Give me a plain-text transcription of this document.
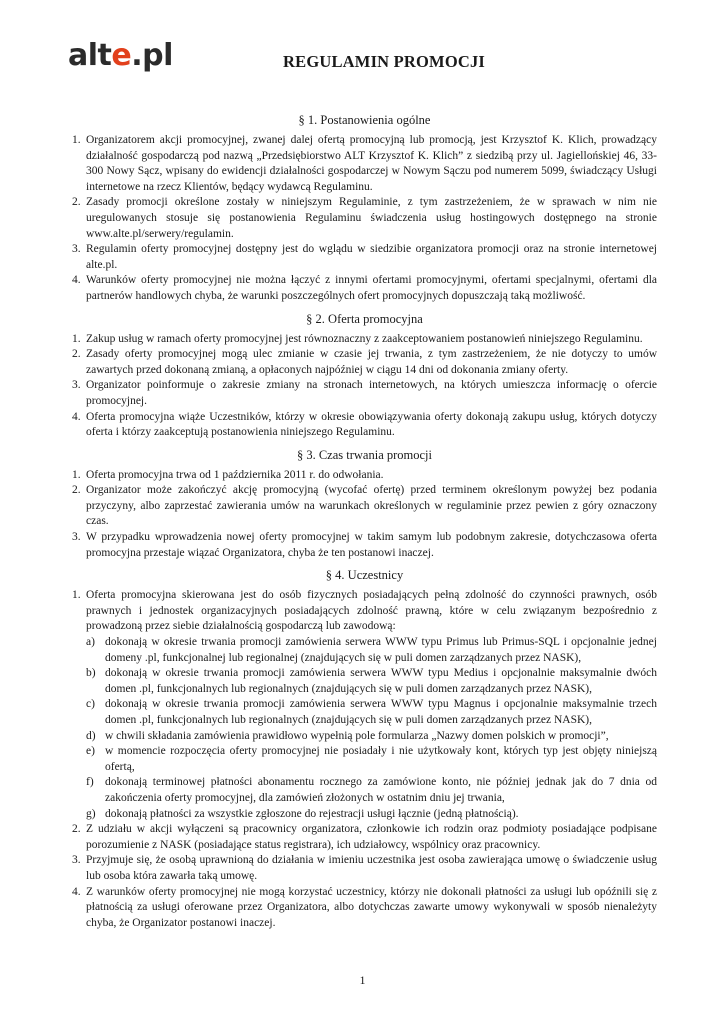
alte.pl	REGULAMIN PROMOCJI
§ 1. Postanowienia ogólne
1. Organizatorem akcji promocyjnej, zwanej dalej ofertą promocyjną lub promocją, jest Krzysztof K. Klich, prowadzący działalność gospodarczą pod nazwą „Przedsiębiorstwo ALT Krzysztof K. Klich” z siedzibą przy ul. Jagiellońskiej 46, 33-300 Nowy Sącz, wpisany do ewidencji działalności gospodarczej w Nowym Sączu pod numerem 5099, świadczący Usługi internetowe na rzecz Klientów, będący wydawcą Regulaminu.
2. Zasady promocji określone zostały w niniejszym Regulaminie, z tym zastrzeżeniem, że w sprawach w nim nie uregulowanych stosuje się postanowienia Regulaminu świadczenia usług hostingowych dostępnego na stronie www.alte.pl/serwery/regulamin.
3. Regulamin oferty promocyjnej dostępny jest do wglądu w siedzibie organizatora promocji oraz na stronie internetowej alte.pl.
4. Warunków oferty promocyjnej nie można łączyć z innymi ofertami promocyjnymi, ofertami specjalnymi, ofertami dla partnerów handlowych chyba, że warunki poszczególnych ofert promocyjnych dopuszczają taką możliwość.
§ 2. Oferta promocyjna
1. Zakup usług w ramach oferty promocyjnej jest równoznaczny z zaakceptowaniem postanowień niniejszego Regulaminu.
2. Zasady oferty promocyjnej mogą ulec zmianie w czasie jej trwania, z tym zastrzeżeniem, że nie dotyczy to umów zawartych przed dokonaną zmianą, a opłaconych najpóźniej w ciągu 14 dni od dokonania zmiany oferty.
3. Organizator poinformuje o zakresie zmiany na stronach internetowych, na których umieszcza informację o ofercie promocyjnej.
4. Oferta promocyjna wiąże Uczestników, którzy w okresie obowiązywania oferty dokonają zakupu usług, których dotyczy oferta i którzy zaakceptują postanowienia niniejszego Regulaminu.
§ 3. Czas trwania promocji
1. Oferta promocyjna trwa od 1 października 2011 r. do odwołania.
2. Organizator może zakończyć akcję promocyjną (wycofać ofertę) przed terminem określonym powyżej bez podania przyczyny, albo zaprzestać zawierania umów na warunkach określonych w regulaminie przez pewien z góry oznaczony czas.
3. W przypadku wprowadzenia nowej oferty promocyjnej w takim samym lub podobnym zakresie, dotychczasowa oferta promocyjna przestaje wiązać Organizatora, chyba że ten postanowi inaczej.
§ 4. Uczestnicy
1. Oferta promocyjna skierowana jest do osób fizycznych posiadających pełną zdolność do czynności prawnych, osób prawnych i jednostek organizacyjnych posiadających zdolność prawną, które w celu związanym bezpośrednio z prowadzoną przez siebie działalnością gospodarczą lub zawodową:
a) dokonają w okresie trwania promocji zamówienia serwera WWW typu Primus lub Primus-SQL i opcjonalnie jednej domeny .pl, funkcjonalnej lub regionalnej (znajdujących się w puli domen zarządzanych przez NASK),
b) dokonają w okresie trwania promocji zamówienia serwera WWW typu Medius i opcjonalnie maksymalnie dwóch domen .pl, funkcjonalnych lub regionalnych (znajdujących się w puli domen zarządzanych przez NASK),
c) dokonają w okresie trwania promocji zamówienia serwera WWW typu Magnus i opcjonalnie maksymalnie trzech domen .pl, funkcjonalnych lub regionalnych (znajdujących się w puli domen zarządzanych przez NASK),
d) w chwili składania zamówienia prawidłowo wypełnią pole formularza „Nazwy domen polskich w promocji”,
e) w momencie rozpoczęcia oferty promocyjnej nie posiadały i nie użytkowały kont, których typ jest objęty niniejszą ofertą,
f) dokonają terminowej płatności abonamentu rocznego za zamówione konto, nie później jednak jak do 7 dnia od zakończenia oferty promocyjnej, dla zamówień złożonych w ostatnim dniu jej trwania,
g) dokonają płatności za wszystkie zgłoszone do rejestracji usługi łącznie (jedną płatnością).
2. Z udziału w akcji wyłączeni są pracownicy organizatora, członkowie ich rodzin oraz podmioty posiadające podpisane porozumienie z NASK (posiadające status registrara), ich udziałowcy, wspólnicy oraz pracownicy.
3. Przyjmuje się, że osobą uprawnioną do działania w imieniu uczestnika jest osoba zawierająca umowę o świadczenie usług lub osoba która zawarła taką umowę.
4. Z warunków oferty promocyjnej nie mogą korzystać uczestnicy, którzy nie dokonali płatności za usługi lub opóźnili się z płatnością za usługi oferowane przez Organizatora, albo dotychczas zawarte umowy wykonywali w sposób nienależyty chyba, że Organizator postanowi inaczej.
1
